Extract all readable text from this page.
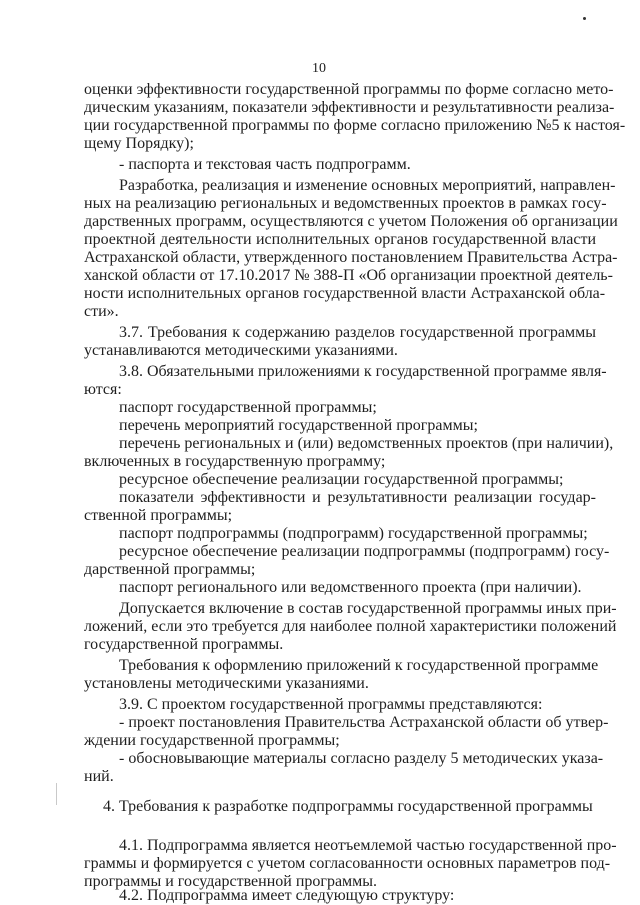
10
оценки эффективности государственной программы по форме согласно мето-
дическим указаниям, показатели эффективности и результативности реализа-
ции государственной программы по форме согласно приложению №5 к настоя-
щему Порядку);
- паспорта и текстовая часть подпрограмм.
Разработка, реализация и изменение основных мероприятий, направлен-
ных на реализацию региональных и ведомственных проектов в рамках госу-
дарственных программ, осуществляются с учетом Положения об организации
проектной деятельности исполнительных органов государственной власти
Астраханской области, утвержденного постановлением Правительства Астра-
ханской области от 17.10.2017 № 388-П «Об организации проектной деятель-
ности исполнительных органов государственной власти Астраханской обла-
сти».
3.7. Требования к содержанию разделов государственной программы
устанавливаются методическими указаниями.
3.8. Обязательными приложениями к государственной программе явля-
ются:
паспорт государственной программы;
перечень мероприятий государственной программы;
перечень региональных и (или) ведомственных проектов (при наличии),
включенных в государственную программу;
ресурсное обеспечение реализации государственной программы;
показатели эффективности и результативности реализации государ-
ственной программы;
паспорт подпрограммы (подпрограмм) государственной программы;
ресурсное обеспечение реализации подпрограммы (подпрограмм) госу-
дарственной программы;
паспорт регионального или ведомственного проекта (при наличии).
Допускается включение в состав государственной программы иных при-
ложений, если это требуется для наиболее полной характеристики положений
государственной программы.
Требования к оформлению приложений к государственной программе
установлены методическими указаниями.
3.9. С проектом государственной программы представляются:
- проект постановления Правительства Астраханской области об утвер-
ждении государственной программы;
- обосновывающие материалы согласно разделу 5 методических указа-
ний.
4. Требования к разработке подпрограммы государственной программы
4.1. Подпрограмма является неотъемлемой частью государственной про-
граммы и формируется с учетом согласованности основных параметров под-
программы и государственной программы.
4.2. Подпрограмма имеет следующую структуру:
